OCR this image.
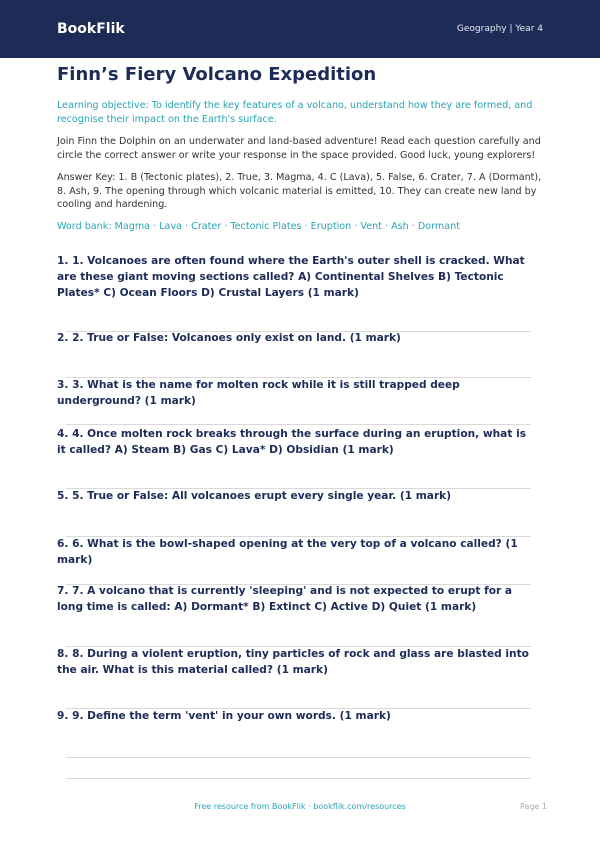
BookFlik	Geography | Year 4
Finn’s Fiery Volcano Expedition

Learning objective: To identify the key features of a volcano, understand how they are formed, and recognise their impact on the Earth's surface.

Join Finn the Dolphin on an underwater and land-based adventure! Read each question carefully and circle the correct answer or write your response in the space provided. Good luck, young explorers!

Answer Key: 1. B (Tectonic plates), 2. True, 3. Magma, 4. C (Lava), 5. False, 6. Crater, 7. A (Dormant), 8. Ash, 9. The opening through which volcanic material is emitted, 10. They can create new land by cooling and hardening.

Word bank: Magma · Lava · Crater · Tectonic Plates · Eruption · Vent · Ash · Dormant

1. 1. Volcanoes are often found where the Earth's outer shell is cracked. What are these giant moving sections called? A) Continental Shelves B) Tectonic Plates* C) Ocean Floors D) Crustal Layers (1 mark)
2. 2. True or False: Volcanoes only exist on land. (1 mark)
3. 3. What is the name for molten rock while it is still trapped deep underground? (1 mark)
4. 4. Once molten rock breaks through the surface during an eruption, what is it called? A) Steam B) Gas C) Lava* D) Obsidian (1 mark)
5. 5. True or False: All volcanoes erupt every single year. (1 mark)
6. 6. What is the bowl-shaped opening at the very top of a volcano called? (1 mark)
7. 7. A volcano that is currently 'sleeping' and is not expected to erupt for a long time is called: A) Dormant* B) Extinct C) Active D) Quiet (1 mark)
8. 8. During a violent eruption, tiny particles of rock and glass are blasted into the air. What is this material called? (1 mark)
9. 9. Define the term 'vent' in your own words. (1 mark)
Free resource from BookFlik · bookflik.com/resources	Page 1
